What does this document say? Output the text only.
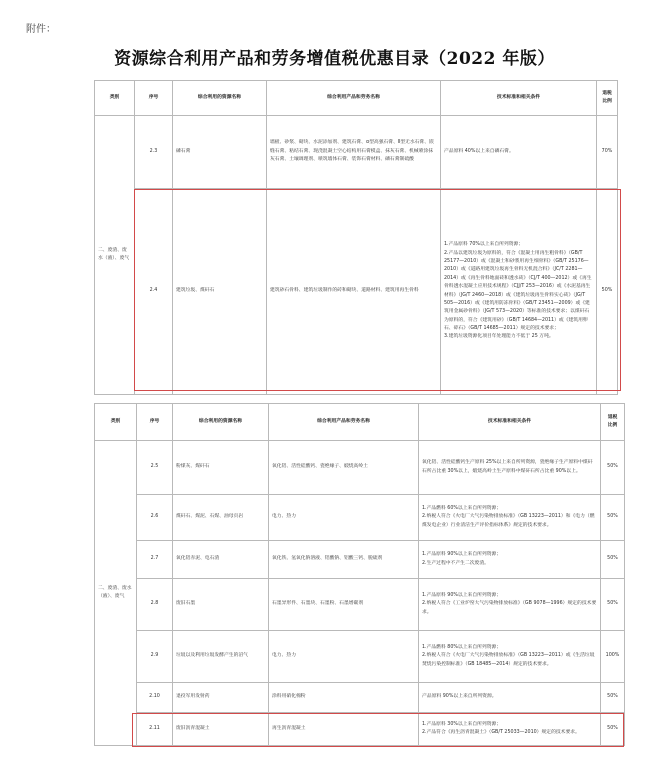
附件：
资源综合利用产品和劳务增值税优惠目录（2022 年版）
类别	序号	综合利用的资源名称	综合利用产品和劳务名称	技术标准和相关条件	退税
比例
二、废渣、废水（液）、废气	2.3	磷石膏	墙板、砂浆、砌块、水泥添加剂、建筑石膏、α型高强石膏、Ⅱ型无水石膏、嵌缝石膏、粘结石膏、现浇混凝土空心结构用石膏模盒、抹灰石膏、机械喷涂抹灰石膏、土壤调理剂、喷筑墙体石膏、装饰石膏材料、磷石膏制硫酸	产品原料 40%以上来自磷石膏。	70%
	2.4	建筑垃圾、煤矸石	建筑砂石骨料、建筑垃圾制作的砖和砌块、道路材料、建筑用再生骨料	1.产品原料 70%以上来自所列资源；

2.产品以建筑垃圾为原料的，符合《混凝土用再生粗骨料》（GB/T 25177—2010）或《混凝土和砂浆用再生细骨料》（GB/T 25176—2010）或《道路用建筑垃圾再生骨料无机混合料》（JC/T 2281—2014）或《再生骨料地面砖和透水砖》（CJ/T 400—2012）或《再生骨料透水混凝土应用技术规程》（CJJ/T 253—2016）或《水泥基再生材料》（JG/T 2460—2018）或《建筑垃圾再生骨料实心砖》（JG/T 505—2016）或《建筑用防冻骨料》（GB/T 23451—2009）或《建筑用金属砂骨料》（JG/T 573—2020）等标准的技术要求；以煤矸石为原料的，符合《建筑用砂》（GB/T 14684—2011）或《建筑用卵石、碎石》（GB/T 14685—2011）规定的技术要求；

3.建筑垃圾资源化项目年处理能力不低于 25 万吨。	50%
类别	序号	综合利用的资源名称	综合利用产品和劳务名称	技术标准和相关条件	退税
比例
二、废渣、废水（液）、废气	2.5	粉煤灰、煤矸石	氧化铝、活性硅酸钙、瓷绝缘子、煅烧高岭土	氧化铝、活性硅酸钙生产原料 25%以上来自所列资源，瓷绝缘子生产原料中煤矸石所占比重 30%以上，煅烧高岭土生产原料中煤矸石所占比重 90%以上。	50%
	2.6	煤矸石、煤泥、石煤、油母页岩	电力、热力	1.产品燃料 60%以上来自所列资源；

2.纳税人符合《火电厂大气污染物排放标准》（GB 13223—2011）和《电力（燃煤发电企业）行业清洁生产评价指标体系》规定的技术要求。	50%
	2.7	氧化铝赤泥、电石渣	氧化铁、氢氧化钠溶液、铝酸钠、铝酸三钙、脱硫剂	1.产品原料 90%以上来自所列资源；

2.生产过程中不产生二次废渣。	50%
	2.8	废旧石墨	石墨异形件、石墨块、石墨粉、石墨增碳剂	1.产品原料 90%以上来自所列资源；

2.纳税人符合《工业炉窑大气污染物排放标准》（GB 9078—1996）规定的技术要求。	50%
	2.9	垃圾以及利用垃圾发酵产生的沼气	电力、热力	1.产品燃料 80%以上来自所列资源；

2.纳税人符合《火电厂大气污染物排放标准》（GB 13223—2011）或《生活垃圾焚烧污染控制标准》（GB 18485—2014）规定的技术要求。	100%
	2.10	退役军用发射药	涂料用硝化棉粉	产品原料 90%以上来自所列资源。	50%
	2.11	废旧沥青混凝土	再生沥青混凝土	1.产品原料 30%以上来自所列资源；

2.产品符合《再生沥青混凝土》（GB/T 25033—2010）规定的技术要求。	50%
